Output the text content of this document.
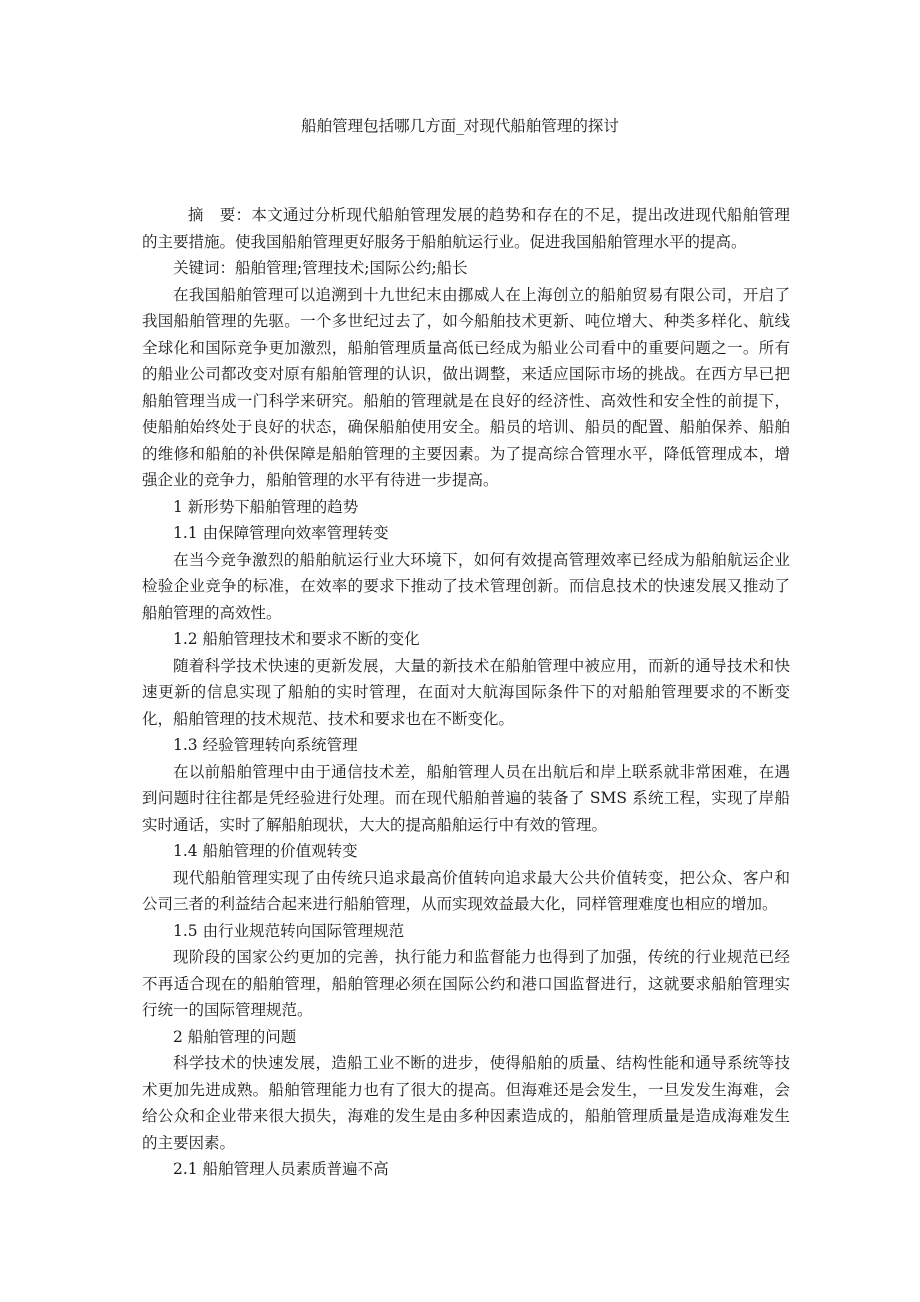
船舶管理包括哪几方面_对现代船舶管理的探讨

摘　要：本文通过分析现代船舶管理发展的趋势和存在的不足，提出改进现代船舶管理的主要措施。使我国船舶管理更好服务于船舶航运行业。促进我国船舶管理水平的提高。

关键词：船舶管理;管理技术;国际公约;船长

在我国船舶管理可以追溯到十九世纪末由挪威人在上海创立的船舶贸易有限公司，开启了我国船舶管理的先驱。一个多世纪过去了，如今船舶技术更新、吨位增大、种类多样化、航线全球化和国际竞争更加激烈，船舶管理质量高低已经成为船业公司看中的重要问题之一。所有的船业公司都改变对原有船舶管理的认识，做出调整，来适应国际市场的挑战。在西方早已把船舶管理当成一门科学来研究。船舶的管理就是在良好的经济性、高效性和安全性的前提下，使船舶始终处于良好的状态，确保船舶使用安全。船员的培训、船员的配置、船舶保养、船舶的维修和船舶的补供保障是船舶管理的主要因素。为了提高综合管理水平，降低管理成本，增强企业的竞争力，船舶管理的水平有待进一步提高。

1 新形势下船舶管理的趋势

1.1 由保障管理向效率管理转变

在当今竞争激烈的船舶航运行业大环境下，如何有效提高管理效率已经成为船舶航运企业检验企业竞争的标准，在效率的要求下推动了技术管理创新。而信息技术的快速发展又推动了船舶管理的高效性。

1.2 船舶管理技术和要求不断的变化

随着科学技术快速的更新发展，大量的新技术在船舶管理中被应用，而新的通导技术和快速更新的信息实现了船舶的实时管理，在面对大航海国际条件下的对船舶管理要求的不断变化，船舶管理的技术规范、技术和要求也在不断变化。

1.3 经验管理转向系统管理

在以前船舶管理中由于通信技术差，船舶管理人员在出航后和岸上联系就非常困难，在遇到问题时往往都是凭经验进行处理。而在现代船舶普遍的装备了 SMS 系统工程，实现了岸船实时通话，实时了解船舶现状，大大的提高船舶运行中有效的管理。

1.4 船舶管理的价值观转变

现代船舶管理实现了由传统只追求最高价值转向追求最大公共价值转变，把公众、客户和公司三者的利益结合起来进行船舶管理，从而实现效益最大化，同样管理难度也相应的增加。

1.5 由行业规范转向国际管理规范

现阶段的国家公约更加的完善，执行能力和监督能力也得到了加强，传统的行业规范已经不再适合现在的船舶管理，船舶管理必须在国际公约和港口国监督进行，这就要求船舶管理实行统一的国际管理规范。

2 船舶管理的问题

科学技术的快速发展，造船工业不断的进步，使得船舶的质量、结构性能和通导系统等技术更加先进成熟。船舶管理能力也有了很大的提高。但海难还是会发生，一旦发发生海难，会给公众和企业带来很大损失，海难的发生是由多种因素造成的，船舶管理质量是造成海难发生的主要因素。

2.1 船舶管理人员素质普遍不高
